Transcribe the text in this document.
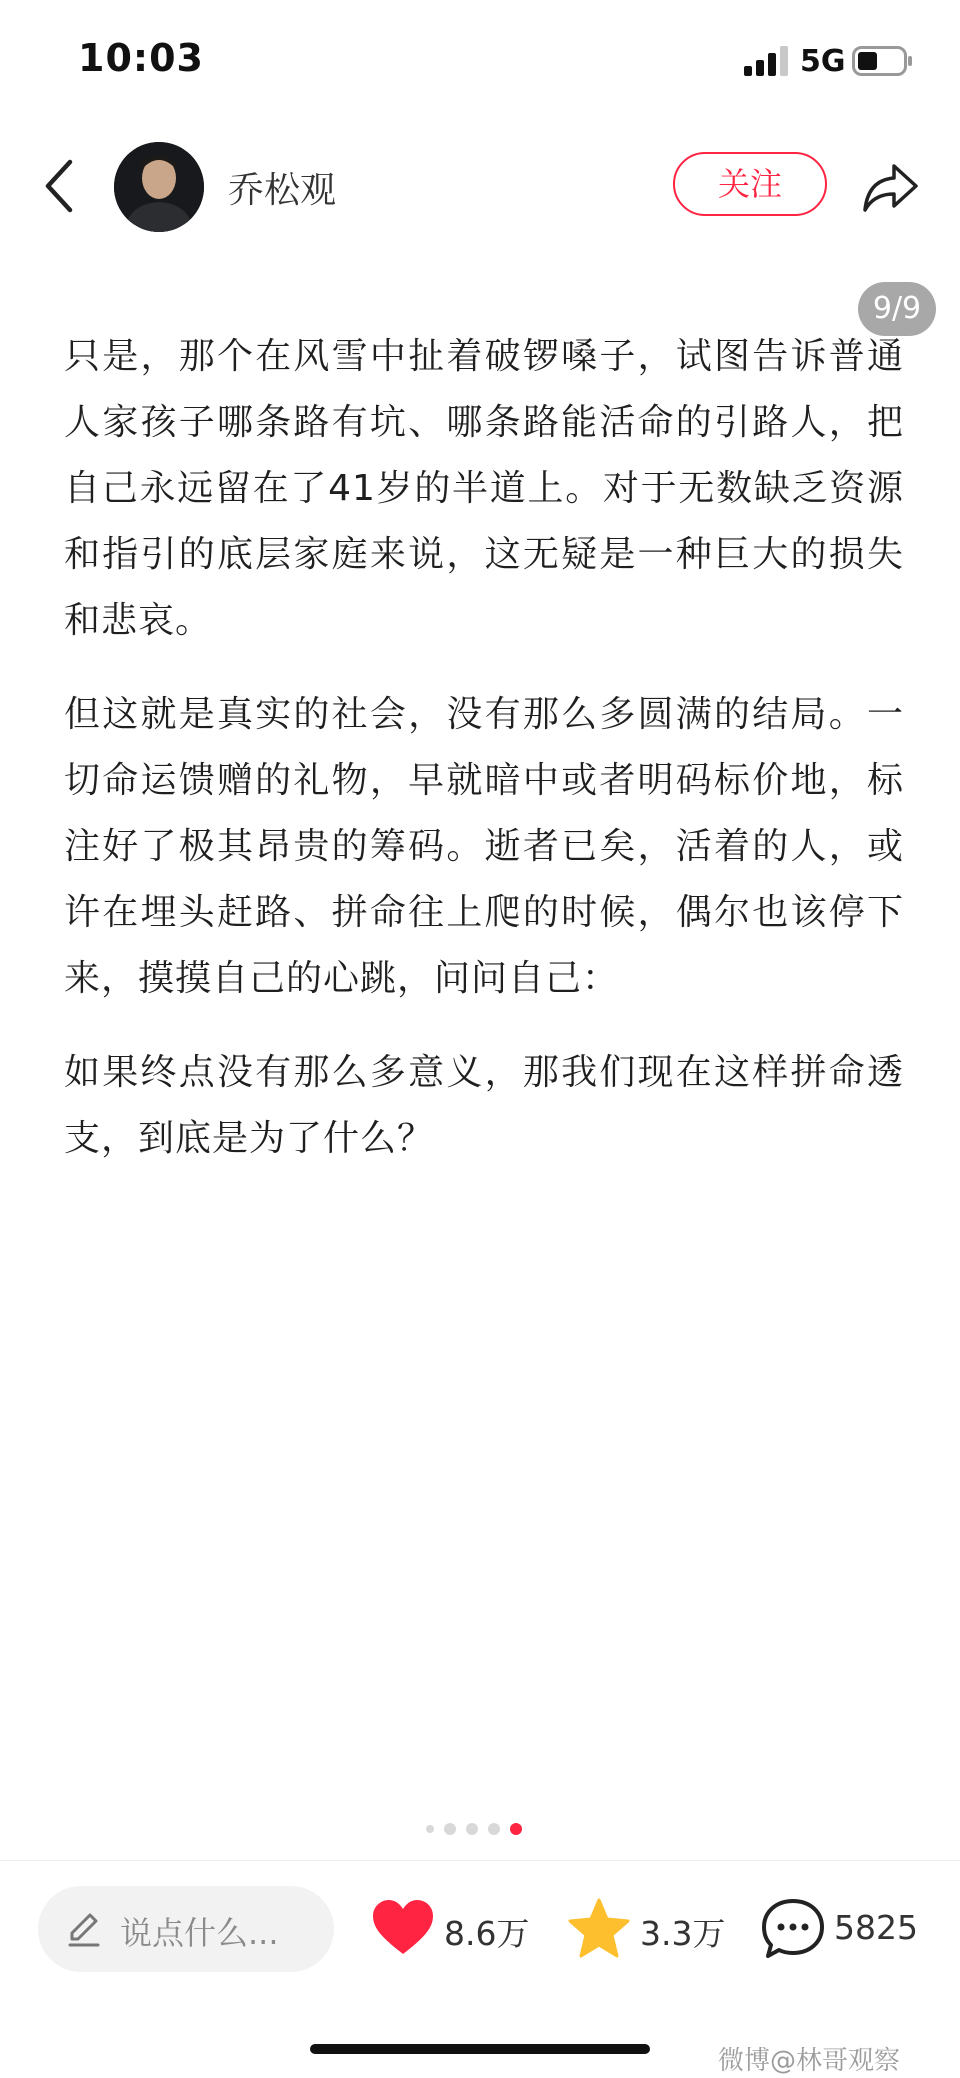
10:03	5G
乔松观	关注
9/9

只是，那个在风雪中扯着破锣嗓子，试图告诉普通人家孩子哪条路有坑、哪条路能活命的引路人，把自己永远留在了41岁的半道上。对于无数缺乏资源和指引的底层家庭来说，这无疑是一种巨大的损失和悲哀。

但这就是真实的社会，没有那么多圆满的结局。一切命运馈赠的礼物，早就暗中或者明码标价地，标注好了极其昂贵的筹码。逝者已矣，活着的人，或许在埋头赶路、拼命往上爬的时候，偶尔也该停下来，摸摸自己的心跳，问问自己：

如果终点没有那么多意义，那我们现在这样拼命透支，到底是为了什么？

说点什么...	8.6万	3.3万	5825
微博@林哥观察
